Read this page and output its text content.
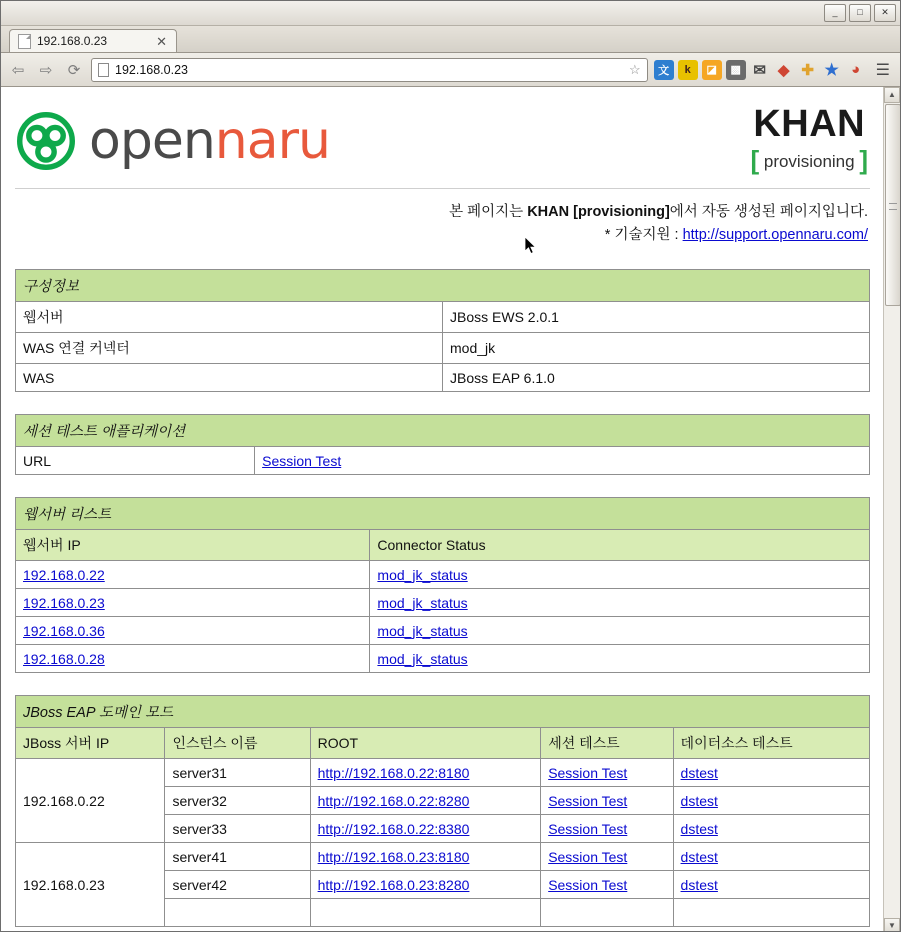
_	□	✕
192.168.0.23	✕
⇦	⇨	⟳	192.168.0.23	☆	文	k	◪	▩ ✉ ◆ ✚ ★ ◕ ☰
opennaru	KHAN
[ provisioning ]
본 페이지는 KHAN [provisioning]에서 자동 생성된 페이지입니다.
* 기술지원 : http://support.opennaru.com/
구성정보	
웹서버	JBoss EWS 2.0.1
WAS 연결 커넥터	mod_jk
WAS	JBoss EAP 6.1.0
세션 테스트 애플리케이션
URL	Session Test
웹서버 리스트	
웹서버 IP	Connector Status
192.168.0.22	mod_jk_status
192.168.0.23	mod_jk_status
192.168.0.36	mod_jk_status
192.168.0.28	mod_jk_status
JBoss EAP 도메인 모드				
JBoss 서버 IP	인스턴스 이름	ROOT	세션 테스트	데이터소스 테스트
192.168.0.22	server31	http://192.168.0.22:8180	Session Test	dstest
	server32	http://192.168.0.22:8280	Session Test	dstest
	server33	http://192.168.0.22:8380	Session Test	dstest
192.168.0.23	server41	http://192.168.0.23:8180	Session Test	dstest
	server42	http://192.168.0.23:8280	Session Test	dstest

▲
▼
